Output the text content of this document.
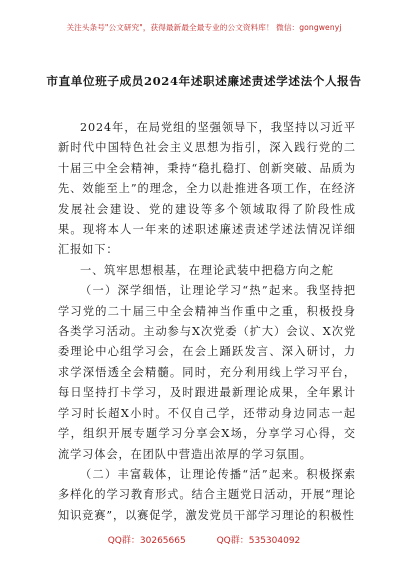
关注头条号"公文研究"，获得最新最全最专业的公文资料库！ 微信：gongwenyj
市直单位班子成员2024年述职述廉述责述学述法个人报告

2024年，在局党组的坚强领导下，我坚持以习近平新时代中国特色社会主义思想为指引，深入践行党的二十届三中全会精神，秉持“稳扎稳打、创新突破、品质为先、效能至上”的理念，全力以赴推进各项工作，在经济发展社会建设、党的建设等多个领域取得了阶段性成果。现将本人一年来的述职述廉述责述学述法情况详细汇报如下：

一、筑牢思想根基，在理论武装中把稳方向之舵

（一）深学细悟，让理论学习“热”起来。我坚持把学习党的二十届三中全会精神当作重中之重，积极投身各类学习活动。主动参与X次党委（扩大）会议、X次党委理论中心组学习会，在会上踊跃发言、深入研讨，力求学深悟透全会精髓。同时，充分利用线上学习平台，每日坚持打卡学习，及时跟进最新理论成果，全年累计学习时长超X小时。不仅自己学，还带动身边同志一起学，组织开展专题学习分享会X场，分享学习心得，交流学习体会，在团队中营造出浓厚的学习氛围。

（二）丰富载体，让理论传播“活”起来。积极探索多样化的学习教育形式。结合主题党日活动，开展“理论知识竞赛”，以赛促学，激发党员干部学习理论的积极性

QQ群：30265665	QQ群：535304092
